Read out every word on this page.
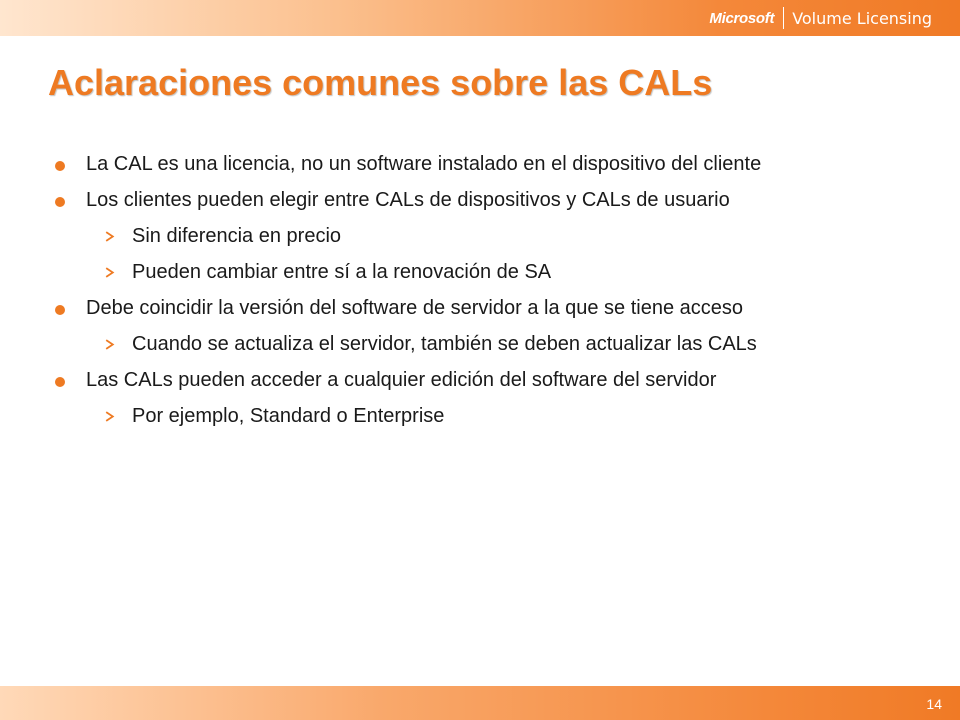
Microsoft Volume Licensing
Aclaraciones comunes sobre las CALs
La CAL es una licencia, no un software instalado en el dispositivo del cliente
Los clientes pueden elegir entre CALs de dispositivos y CALs de usuario
Sin diferencia en precio
Pueden cambiar entre sí a la renovación de SA
Debe coincidir la versión del software de servidor a la que se tiene acceso
Cuando se actualiza el servidor, también se deben actualizar las CALs
Las CALs pueden acceder a cualquier edición del software del servidor
Por ejemplo, Standard o Enterprise
14
